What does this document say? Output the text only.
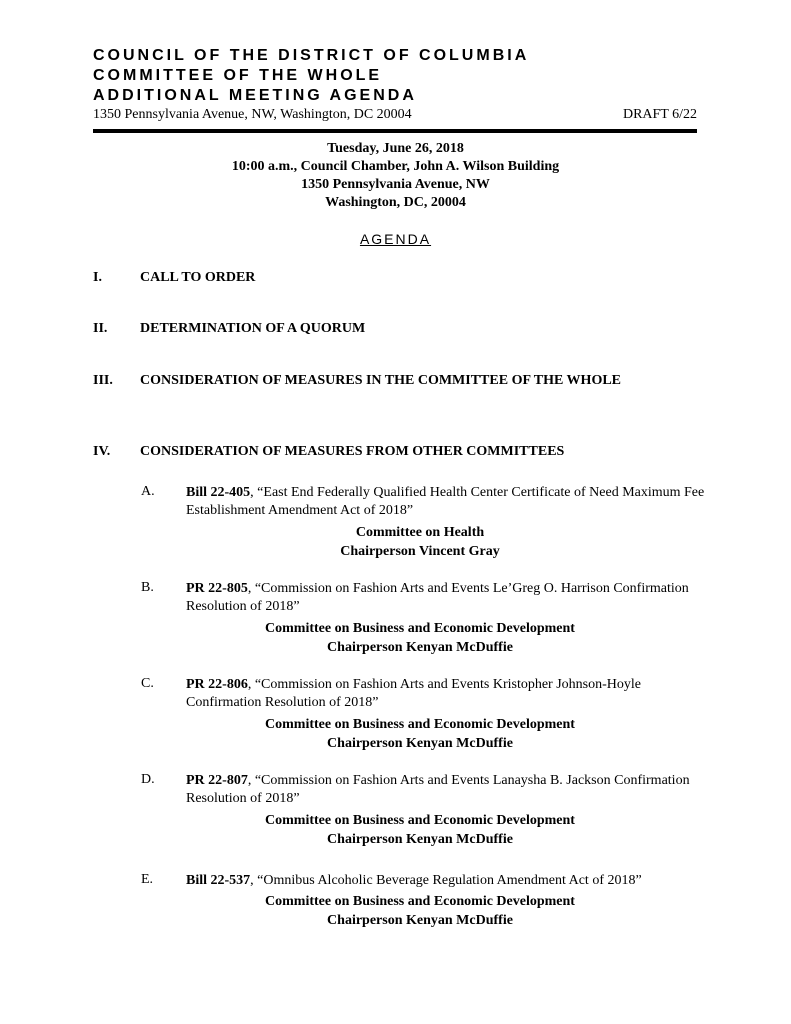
COUNCIL OF THE DISTRICT OF COLUMBIA
COMMITTEE OF THE WHOLE
ADDITIONAL MEETING AGENDA
1350 Pennsylvania Avenue, NW, Washington, DC 20004	DRAFT 6/22
Tuesday, June 26, 2018
10:00 a.m., Council Chamber, John A. Wilson Building
1350 Pennsylvania Avenue, NW
Washington, DC, 20004
AGENDA
I.	CALL TO ORDER
II. DETERMINATION OF A QUORUM
III. CONSIDERATION OF MEASURES IN THE COMMITTEE OF THE WHOLE
IV. CONSIDERATION OF MEASURES FROM OTHER COMMITTEES
A. Bill 22-405, “East End Federally Qualified Health Center Certificate of Need Maximum Fee Establishment Amendment Act of 2018”
Committee on Health
Chairperson Vincent Gray
B. PR 22-805, “Commission on Fashion Arts and Events Le’Greg O. Harrison Confirmation Resolution of 2018”
Committee on Business and Economic Development
Chairperson Kenyan McDuffie
C. PR 22-806, “Commission on Fashion Arts and Events Kristopher Johnson-Hoyle Confirmation Resolution of 2018”
Committee on Business and Economic Development
Chairperson Kenyan McDuffie
D. PR 22-807, “Commission on Fashion Arts and Events Lanaysha B. Jackson Confirmation Resolution of 2018”
Committee on Business and Economic Development
Chairperson Kenyan McDuffie
E. Bill 22-537, “Omnibus Alcoholic Beverage Regulation Amendment Act of 2018”
Committee on Business and Economic Development
Chairperson Kenyan McDuffie
